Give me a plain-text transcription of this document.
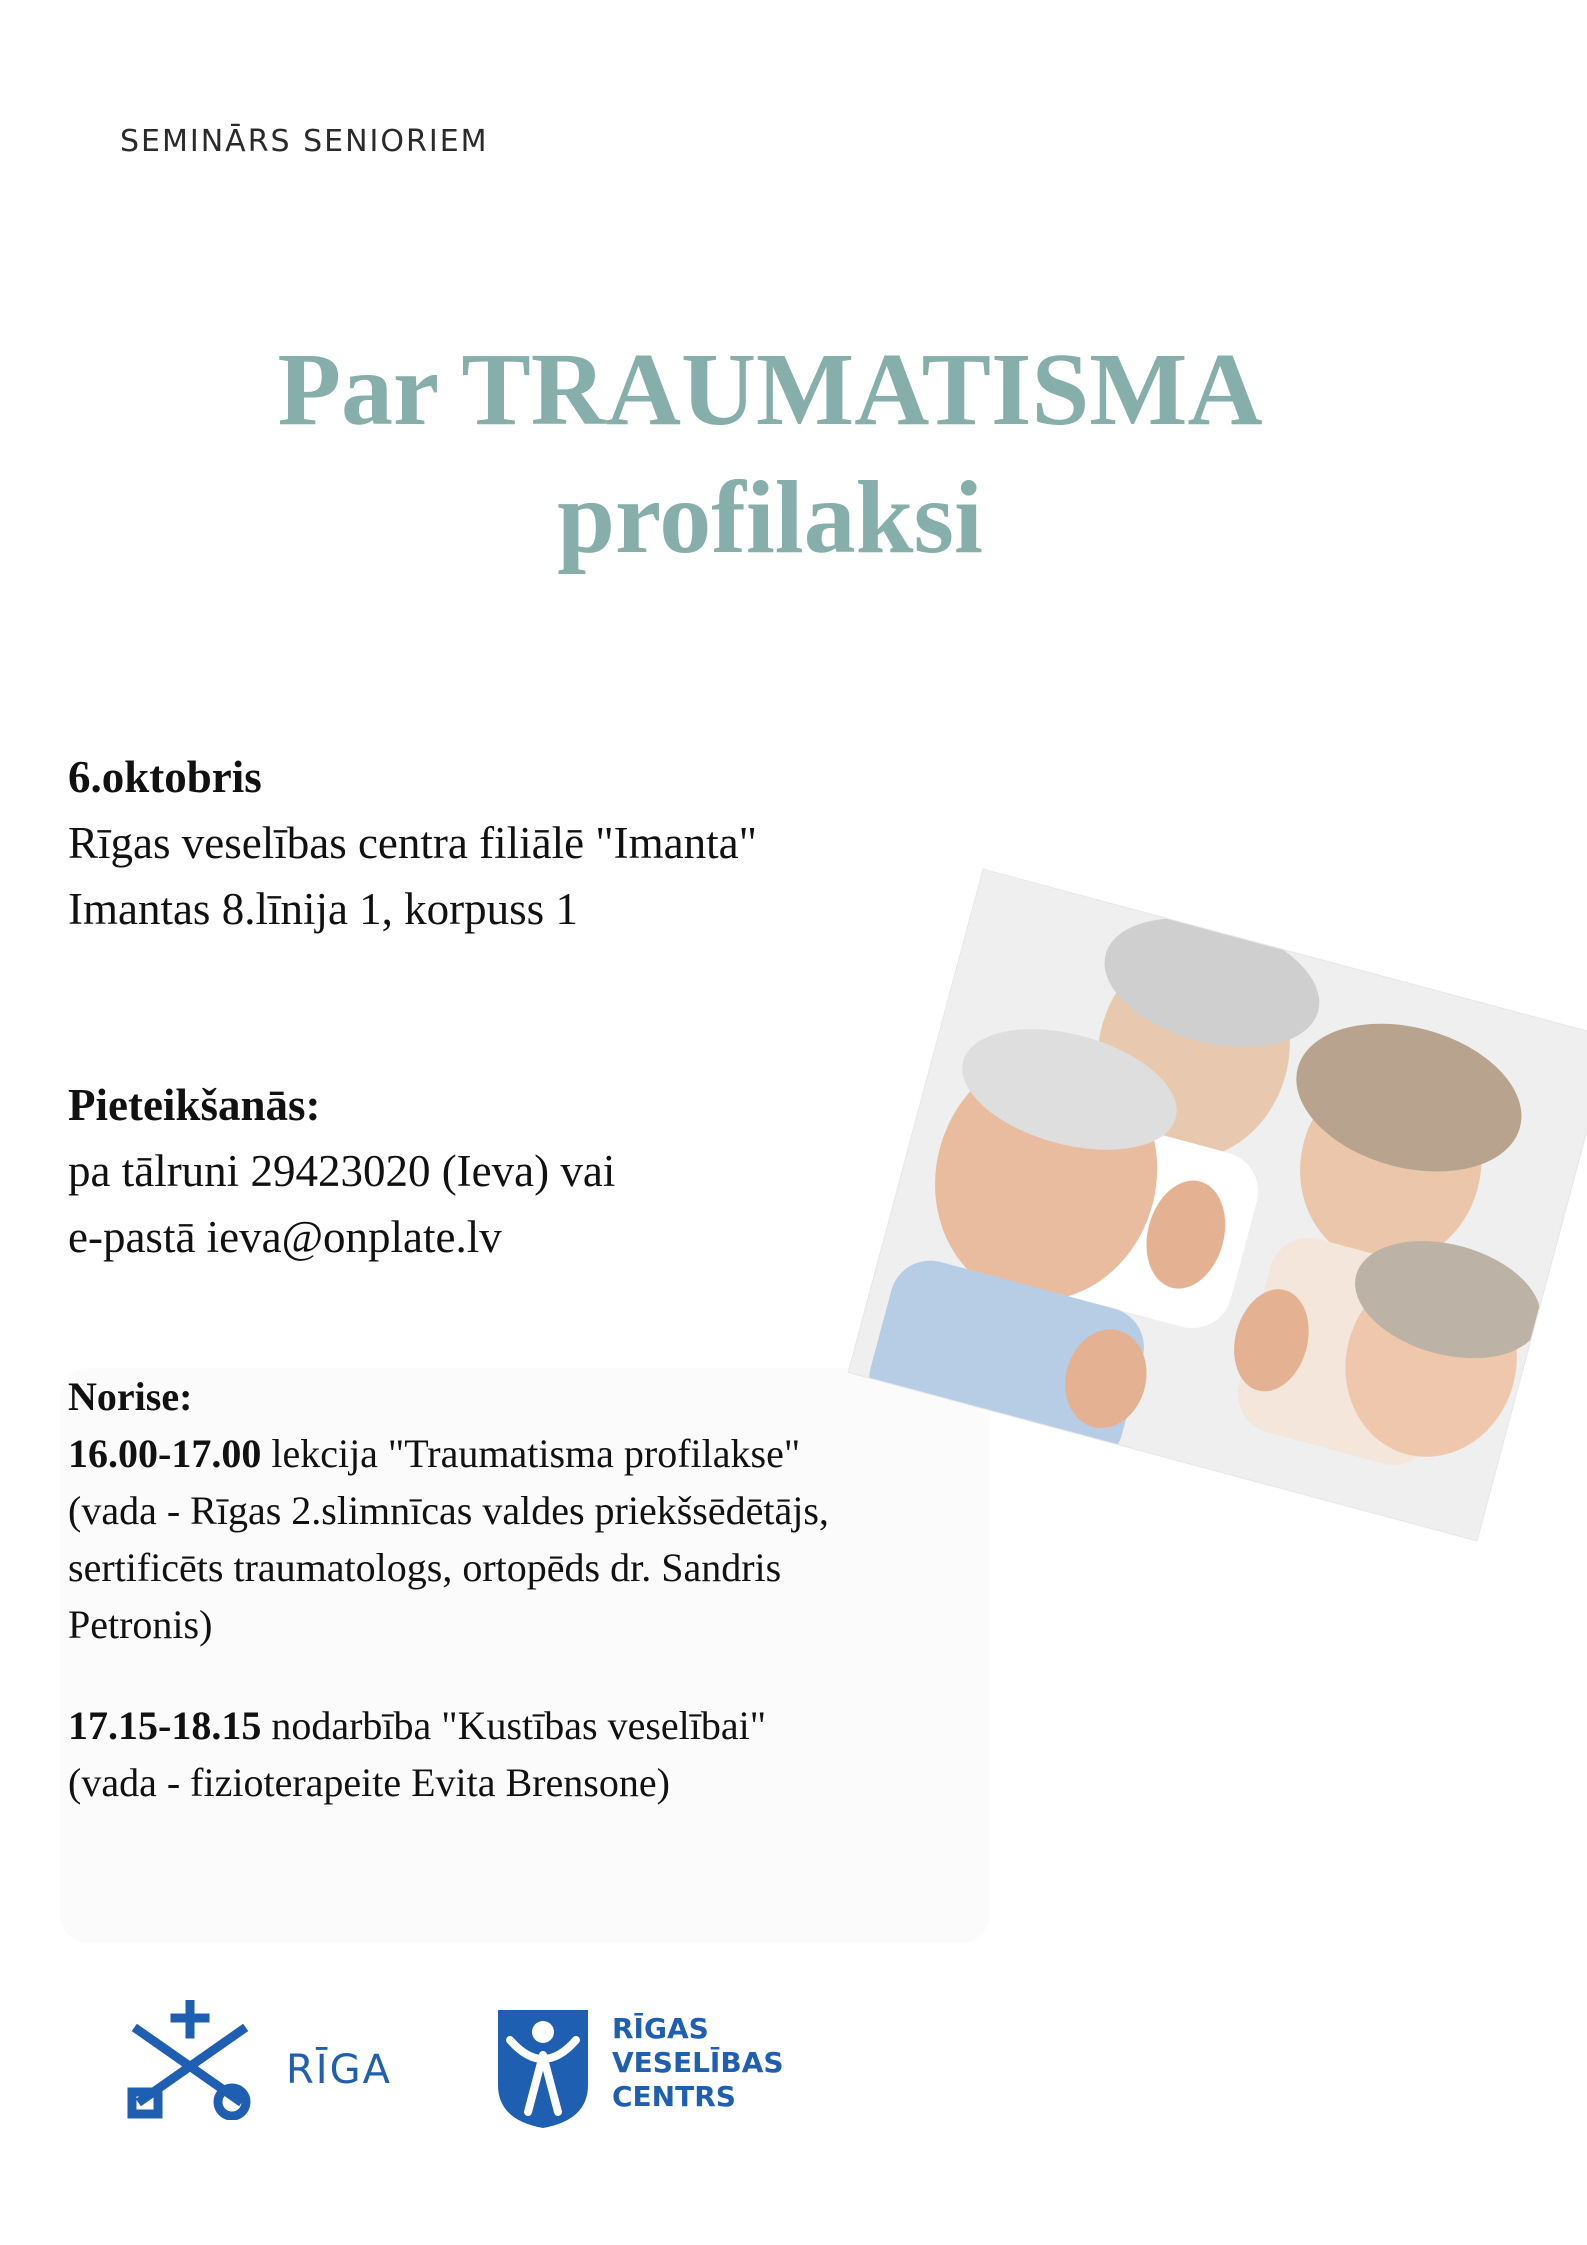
SEMINĀRS SENIORIEM
Par TRAUMATISMA
profilaksi
6.oktobris
Rīgas veselības centra filiālē "Imanta"
Imantas 8.līnija 1, korpuss 1
Pieteikšanās:
pa tālruni 29423020 (Ieva) vai
e-pastā ieva@onplate.lv
Norise:
16.00-17.00 lekcija "Traumatisma profilakse"
(vada - Rīgas 2.slimnīcas valdes priekšsēdētājs,
sertificēts traumatologs, ortopēds dr. Sandris
Petronis)
17.15-18.15 nodarbība "Kustības veselībai"
(vada - fizioterapeite Evita Brensone)
RĪGA
RĪGAS
VESELĪBAS
CENTRS
